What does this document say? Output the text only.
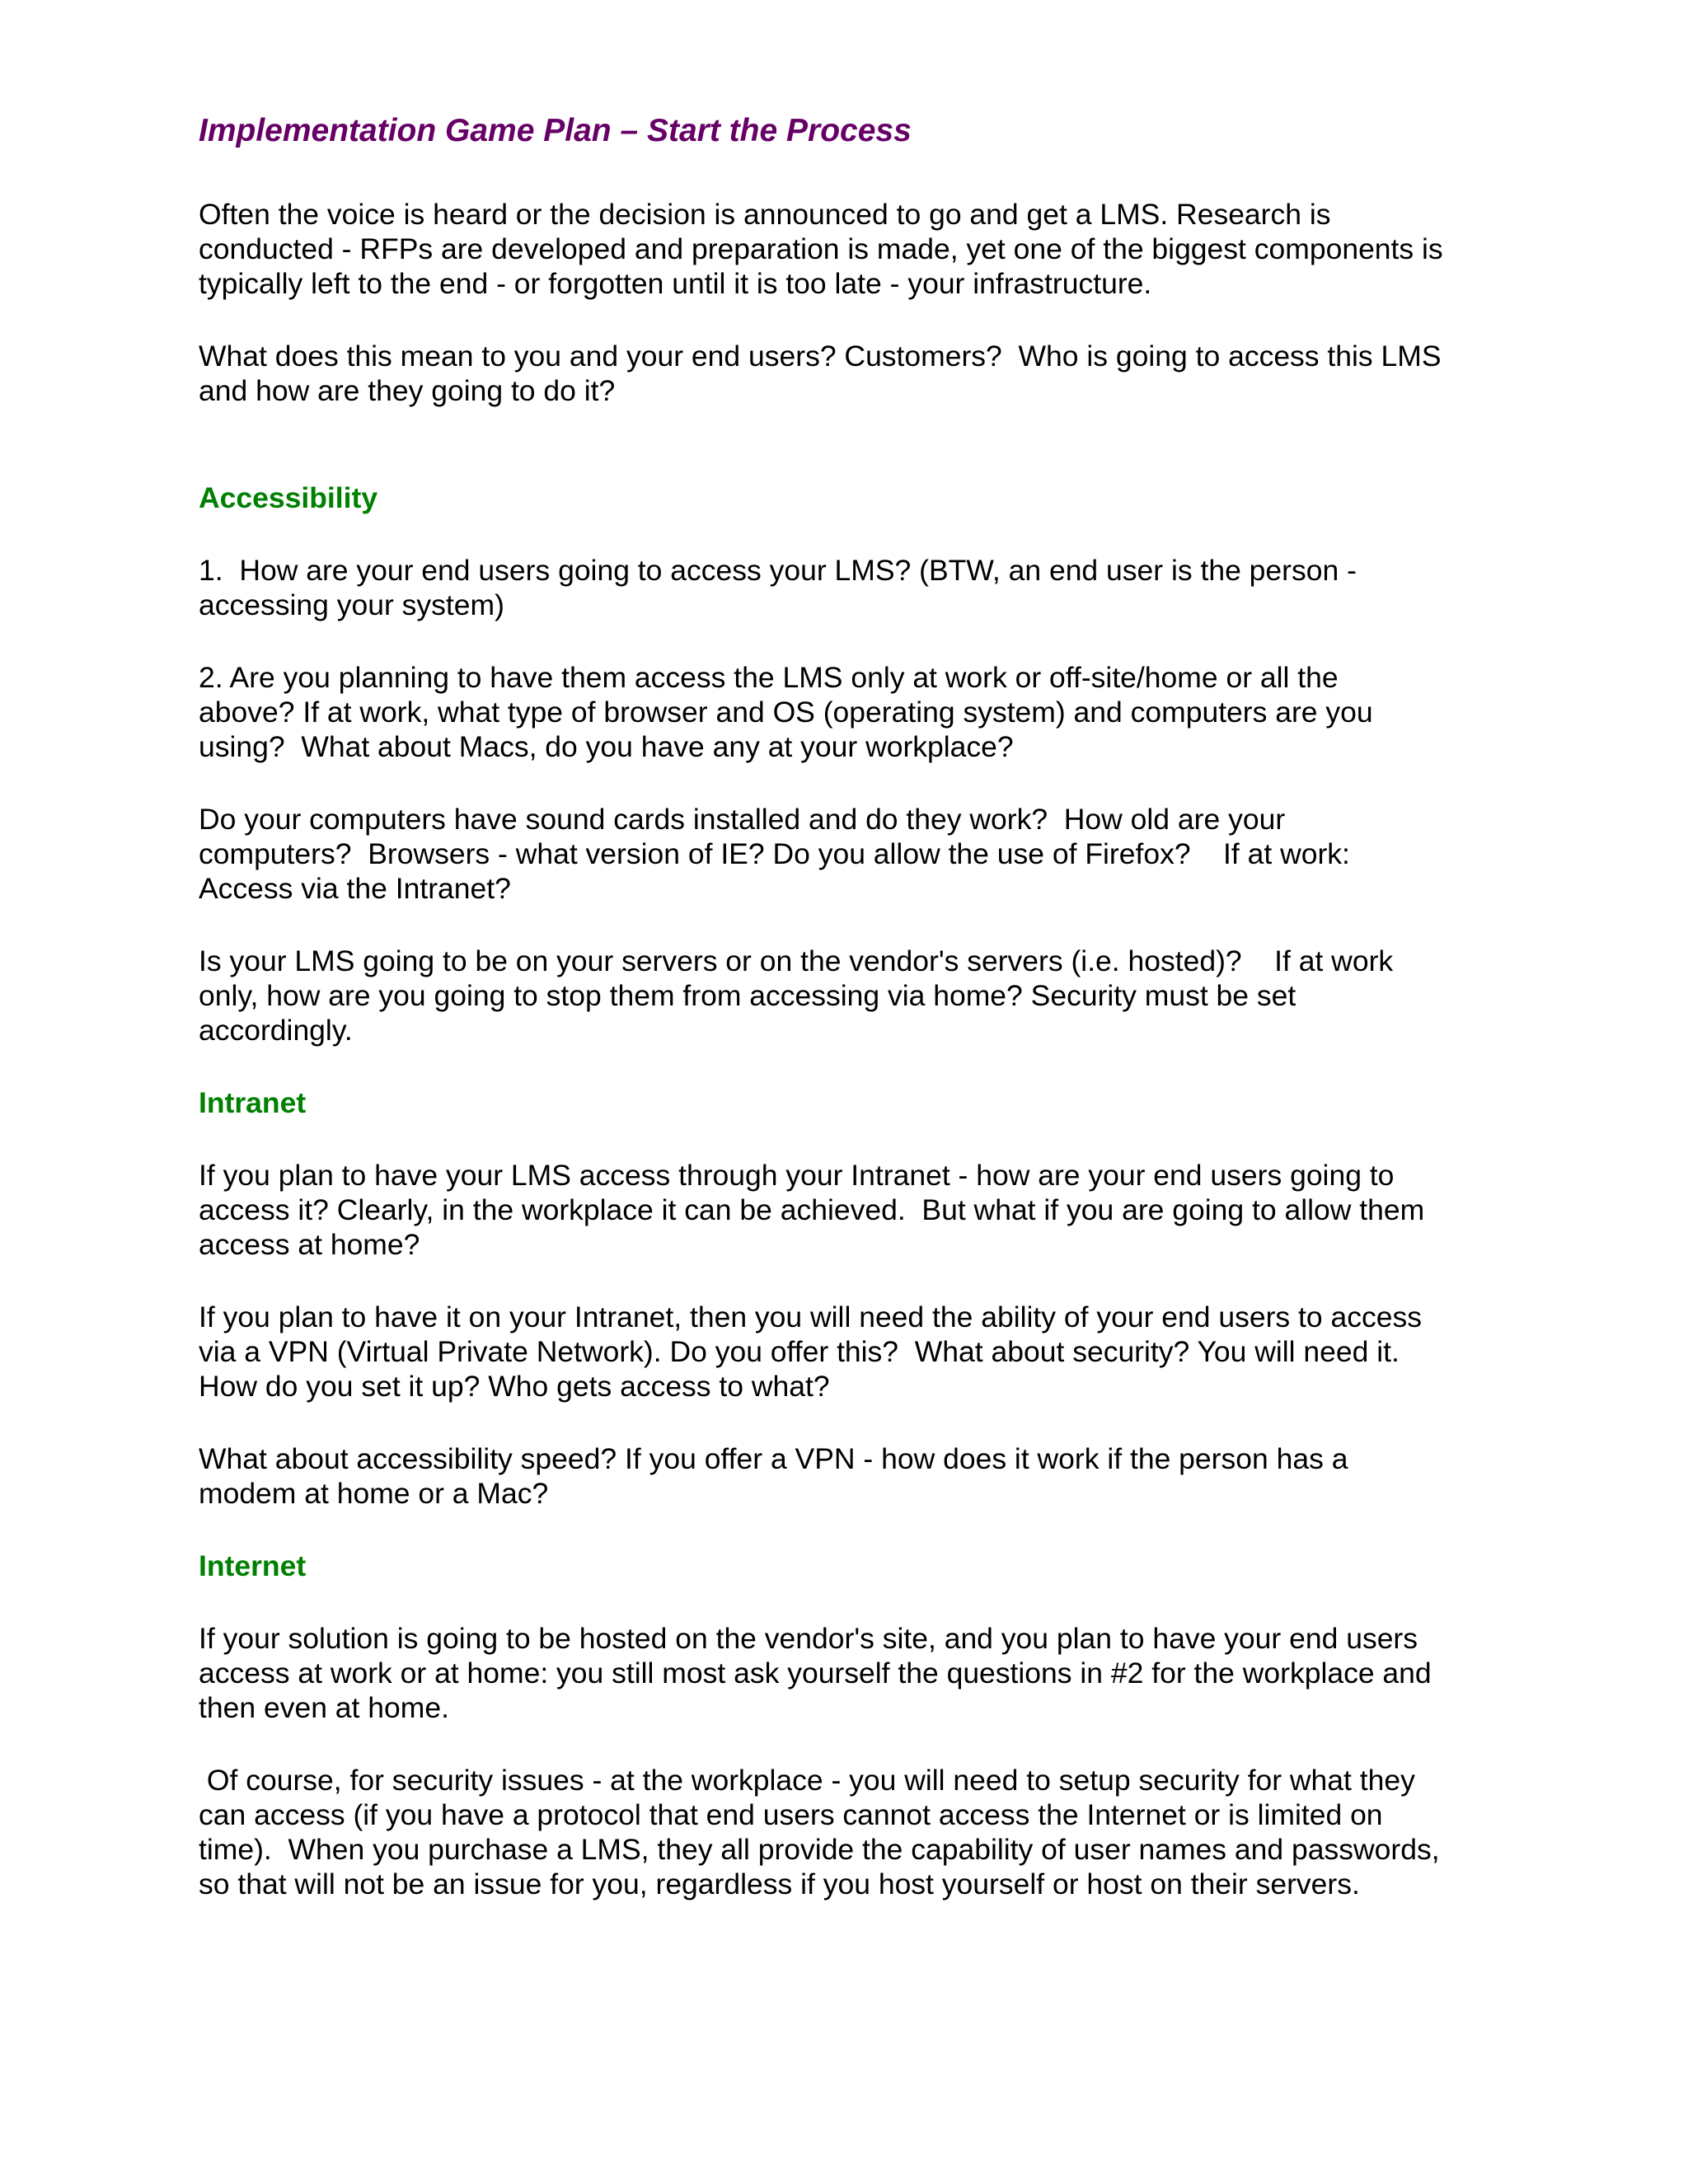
Implementation Game Plan – Start the Process

Often the voice is heard or the decision is announced to go and get a LMS. Research is
conducted - RFPs are developed and preparation is made, yet one of the biggest components is
typically left to the end - or forgotten until it is too late - your infrastructure.

What does this mean to you and your end users? Customers?  Who is going to access this LMS
and how are they going to do it?

Accessibility

1.  How are your end users going to access your LMS? (BTW, an end user is the person -
accessing your system)

2. Are you planning to have them access the LMS only at work or off-site/home or all the
above? If at work, what type of browser and OS (operating system) and computers are you
using?  What about Macs, do you have any at your workplace?

Do your computers have sound cards installed and do they work?  How old are your
computers?  Browsers - what version of IE? Do you allow the use of Firefox?    If at work:
Access via the Intranet?

Is your LMS going to be on your servers or on the vendor's servers (i.e. hosted)?    If at work
only, how are you going to stop them from accessing via home? Security must be set
accordingly.

Intranet

If you plan to have your LMS access through your Intranet - how are your end users going to
access it? Clearly, in the workplace it can be achieved.  But what if you are going to allow them
access at home?

If you plan to have it on your Intranet, then you will need the ability of your end users to access
via a VPN (Virtual Private Network). Do you offer this?  What about security? You will need it.
How do you set it up? Who gets access to what?

What about accessibility speed? If you offer a VPN - how does it work if the person has a
modem at home or a Mac?

Internet

If your solution is going to be hosted on the vendor's site, and you plan to have your end users
access at work or at home: you still most ask yourself the questions in #2 for the workplace and
then even at home.

Of course, for security issues - at the workplace - you will need to setup security for what they
can access (if you have a protocol that end users cannot access the Internet or is limited on
time).  When you purchase a LMS, they all provide the capability of user names and passwords,
so that will not be an issue for you, regardless if you host yourself or host on their servers.
